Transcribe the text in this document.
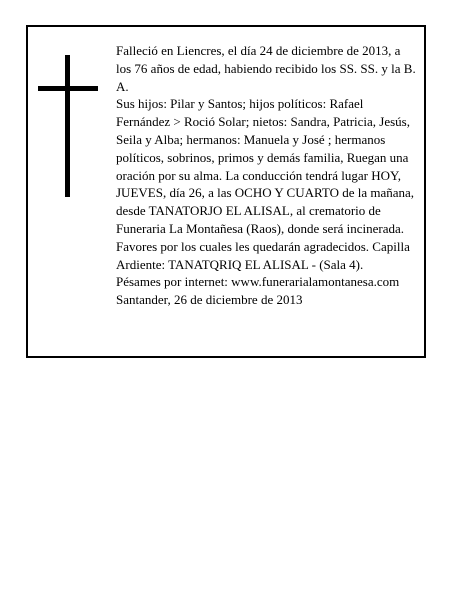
Falleció en Liencres, el día 24 de diciembre de 2013, a los 76 años de edad, habiendo recibido los SS. SS. y la B. A.

Sus hijos: Pilar y Santos; hijos políticos: Rafael Fernández > Roció Solar; nietos: Sandra, Patricia, Jesús, Seila y Alba; hermanos: Manuela y José ; hermanos políticos, sobrinos, primos y demás familia, Ruegan una oración por su alma. La conducción tendrá lugar HOY, JUEVES, día 26, a las OCHO Y CUARTO de la mañana, desde TANATORJO EL ALISAL, al crematorio de Funeraria La Montañesa (Raos), donde será incinerada. Favores por los cuales les quedarán agradecidos. Capilla Ardiente: TANATQRIQ EL ALISAL - (Sala 4).

Pésames por internet: www.funerarialamontanesa.com

Santander, 26 de diciembre de 2013
